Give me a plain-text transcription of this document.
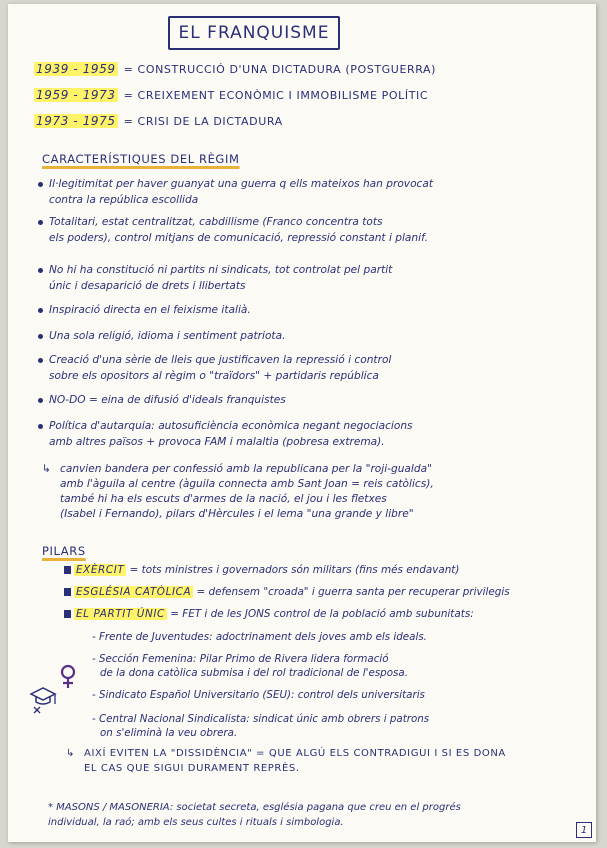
EL FRANQUISME
1939 - 1959 = CONSTRUCCIÓ D'UNA DICTADURA (POSTGUERRA)
1959 - 1973 = CREIXEMENT ECONÒMIC I IMMOBILISME POLÍTIC
1973 - 1975 = CRISI DE LA DICTADURA
CARACTERÍSTIQUES DEL RÈGIM
Il·legitimitat per haver guanyat una guerra q ells mateixos han provocat
contra la república escollida
Totalitari, estat centralitzat, cabdillisme (Franco concentra tots
els poders), control mitjans de comunicació, repressió constant i planif.
No hi ha constitució ni partits ni sindicats, tot controlat pel partit
únic i desaparició de drets i llibertats
Inspiració directa en el feixisme italià.
Una sola religió, idioma i sentiment patriota.
Creació d'una sèrie de lleis que justificaven la repressió i control
sobre els opositors al règim o "traïdors" + partidaris república
NO-DO = eina de difusió d'ideals franquistes
Política d'autarquia: autosuficiència econòmica negant negociacions
amb altres països + provoca FAM i malaltia (pobresa extrema).
↳ canvien bandera per confessió amb la republicana per la "roji-gualda"
amb l'àguila al centre (àguila connecta amb Sant Joan = reis catòlics),
també hi ha els escuts d'armes de la nació, el jou i les fletxes
(Isabel i Fernando), pilars d'Hèrcules i el lema "una grande y libre"
PILARS
EXÈRCIT = tots ministres i governadors són militars (fins més endavant)
ESGLÉSIA CATÒLICA = defensem "croada" i guerra santa per recuperar privilegis
EL PARTIT ÚNIC = FET i de les JONS control de la població amb subunitats:
- Frente de Juventudes: adoctrinament dels joves amb els ideals.
- Sección Femenina: Pilar Primo de Rivera lidera formació
de la dona catòlica submisa i del rol tradicional de l'esposa.
- Sindicato Español Universitario (SEU): control dels universitaris
- Central Nacional Sindicalista: sindicat únic amb obrers i patrons
on s'eliminà la veu obrera.
↳ AIXÍ EVITEN LA "DISSIDÈNCIA" = QUE ALGÚ ELS CONTRADIGUI I SI ES DONA
EL CAS QUE SIGUI DURAMENT REPRÈS.
* MASONS / MASONERIA: societat secreta, església pagana que creu en el progrés
individual, la raó; amb els seus cultes i rituals i simbologia.
1
